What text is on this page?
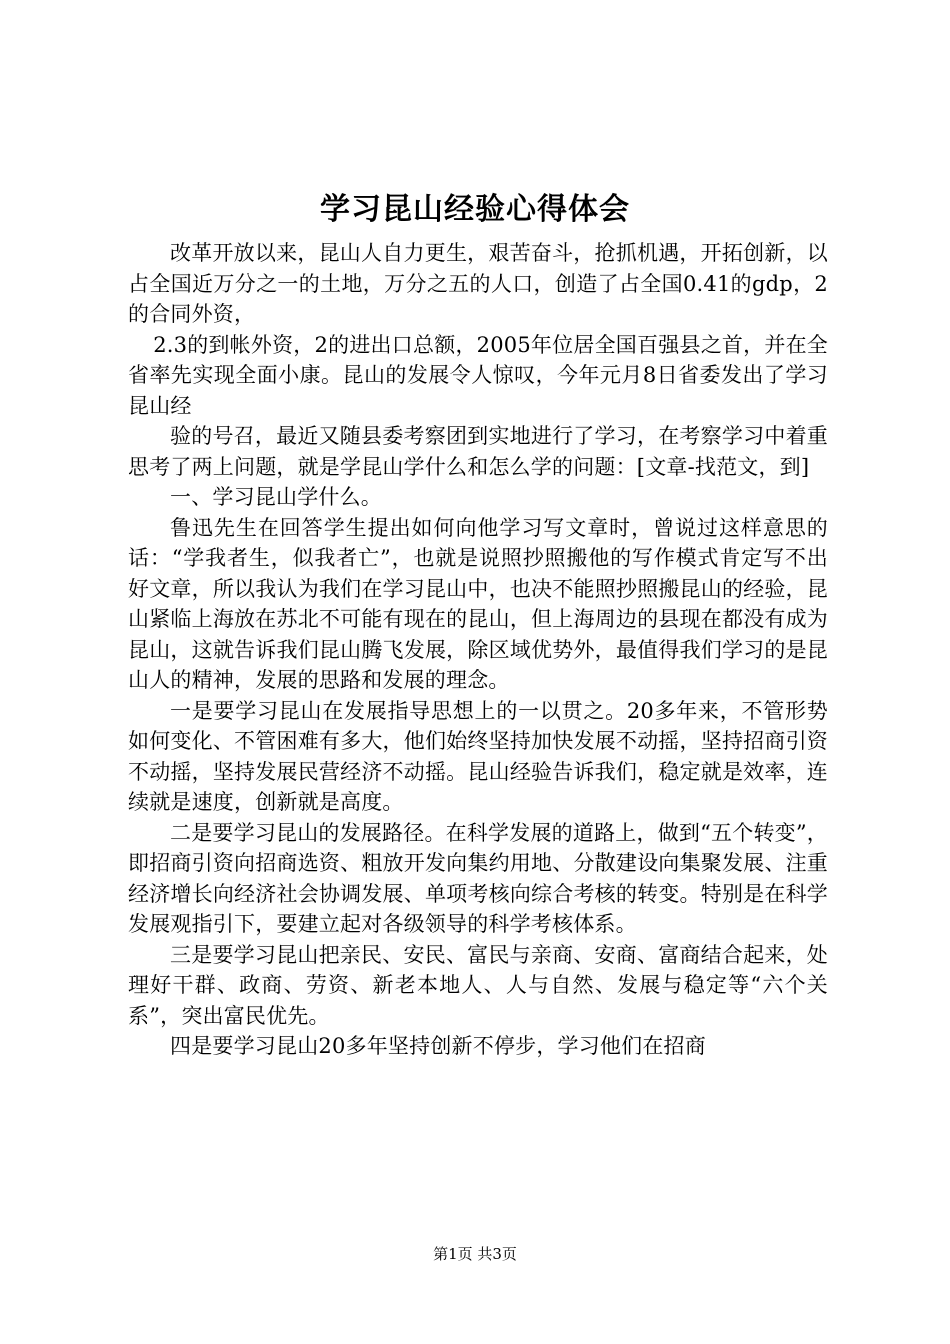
学习昆山经验心得体会

改革开放以来，昆山人自力更生，艰苦奋斗，抢抓机遇，开拓创新，以占全国近万分之一的土地，万分之五的人口，创造了占全国0.41的gdp，2的合同外资，

2.3的到帐外资，2的进出口总额，2005年位居全国百强县之首，并在全省率先实现全面小康。昆山的发展令人惊叹，今年元月8日省委发出了学习昆山经

验的号召，最近又随县委考察团到实地进行了学习，在考察学习中着重思考了两上问题，就是学昆山学什么和怎么学的问题：[文章-找范文，到]

一、学习昆山学什么。

鲁迅先生在回答学生提出如何向他学习写文章时，曾说过这样意思的话：“学我者生，似我者亡”，也就是说照抄照搬他的写作模式肯定写不出好文章，所以我认为我们在学习昆山中，也决不能照抄照搬昆山的经验，昆山紧临上海放在苏北不可能有现在的昆山，但上海周边的县现在都没有成为昆山，这就告诉我们昆山腾飞发展，除区域优势外，最值得我们学习的是昆山人的精神，发展的思路和发展的理念。

一是要学习昆山在发展指导思想上的一以贯之。20多年来，不管形势如何变化、不管困难有多大，他们始终坚持加快发展不动摇，坚持招商引资不动摇，坚持发展民营经济不动摇。昆山经验告诉我们，稳定就是效率，连续就是速度，创新就是高度。

二是要学习昆山的发展路径。在科学发展的道路上，做到“五个转变”，即招商引资向招商选资、粗放开发向集约用地、分散建设向集聚发展、注重经济增长向经济社会协调发展、单项考核向综合考核的转变。特别是在科学发展观指引下，要建立起对各级领导的科学考核体系。

三是要学习昆山把亲民、安民、富民与亲商、安商、富商结合起来，处理好干群、政商、劳资、新老本地人、人与自然、发展与稳定等“六个关系”，突出富民优先。

四是要学习昆山20多年坚持创新不停步，学习他们在招商

第1页 共3页
